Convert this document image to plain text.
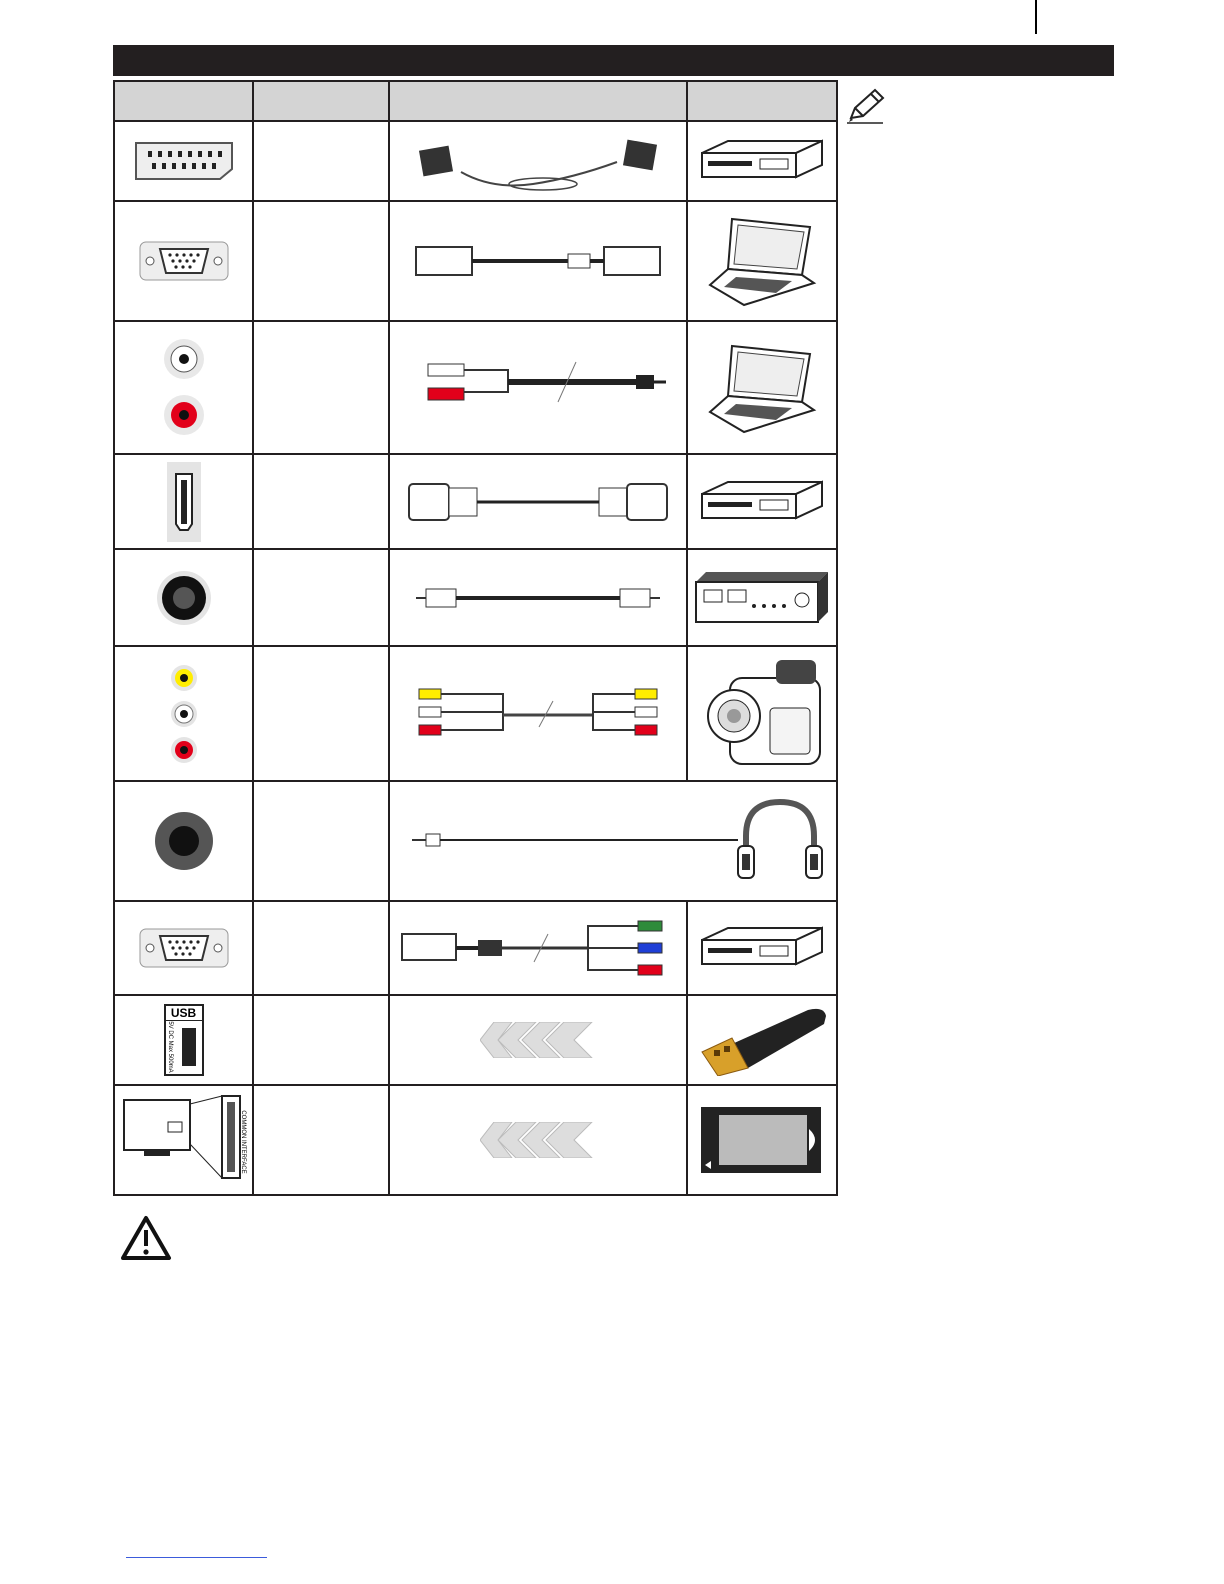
USB
5V DC Max 500mA

COMMON INTERFACE
